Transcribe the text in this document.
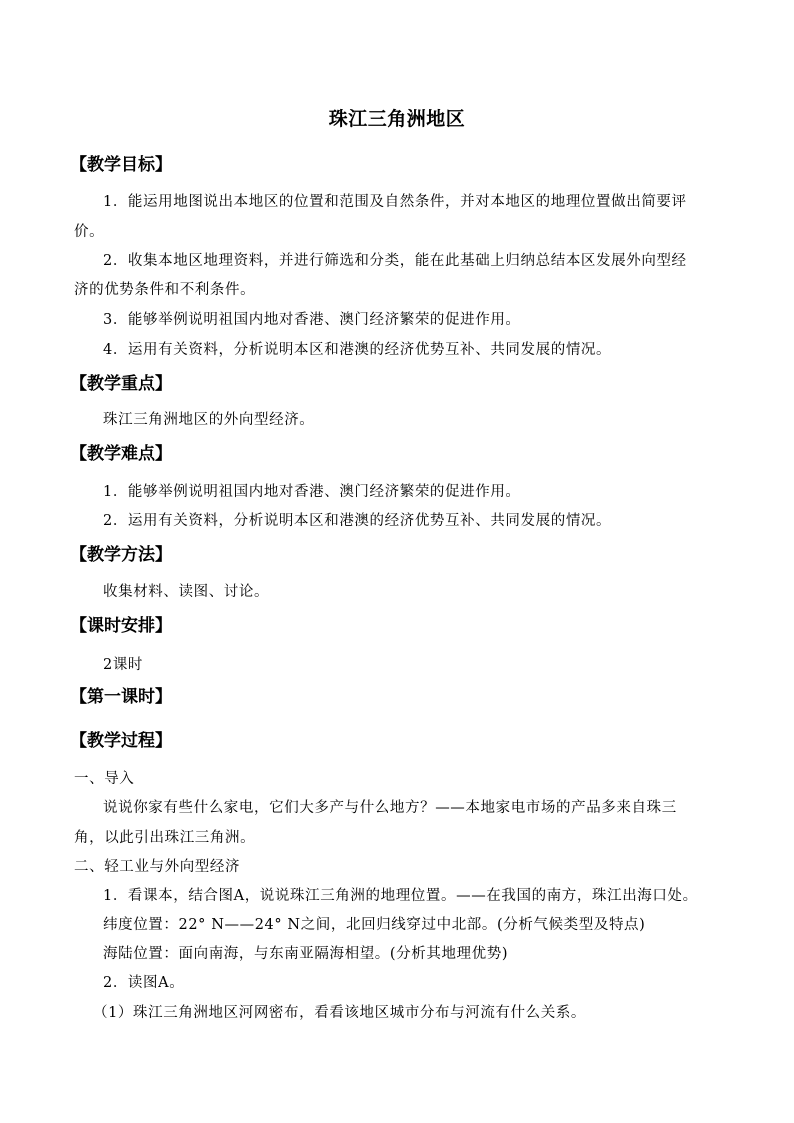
珠江三角洲地区
【教学目标】
1．能运用地图说出本地区的位置和范围及自然条件，并对本地区的地理位置做出简要评
价。
2．收集本地区地理资料，并进行筛选和分类，能在此基础上归纳总结本区发展外向型经
济的优势条件和不利条件。
3．能够举例说明祖国内地对香港、澳门经济繁荣的促进作用。
4．运用有关资料，分析说明本区和港澳的经济优势互补、共同发展的情况。
【教学重点】
珠江三角洲地区的外向型经济。
【教学难点】
1．能够举例说明祖国内地对香港、澳门经济繁荣的促进作用。
2．运用有关资料，分析说明本区和港澳的经济优势互补、共同发展的情况。
【教学方法】
收集材料、读图、讨论。
【课时安排】
2课时
【第一课时】
【教学过程】
一、导入
说说你家有些什么家电，它们大多产与什么地方？——本地家电市场的产品多来自珠三
角，以此引出珠江三角洲。
二、轻工业与外向型经济
1．看课本，结合图A，说说珠江三角洲的地理位置。——在我国的南方，珠江出海口处。
纬度位置：22° N——24° N之间，北回归线穿过中北部。(分析气候类型及特点)
海陆位置：面向南海，与东南亚隔海相望。(分析其地理优势)
2．读图A。
（1）珠江三角洲地区河网密布，看看该地区城市分布与河流有什么关系。
